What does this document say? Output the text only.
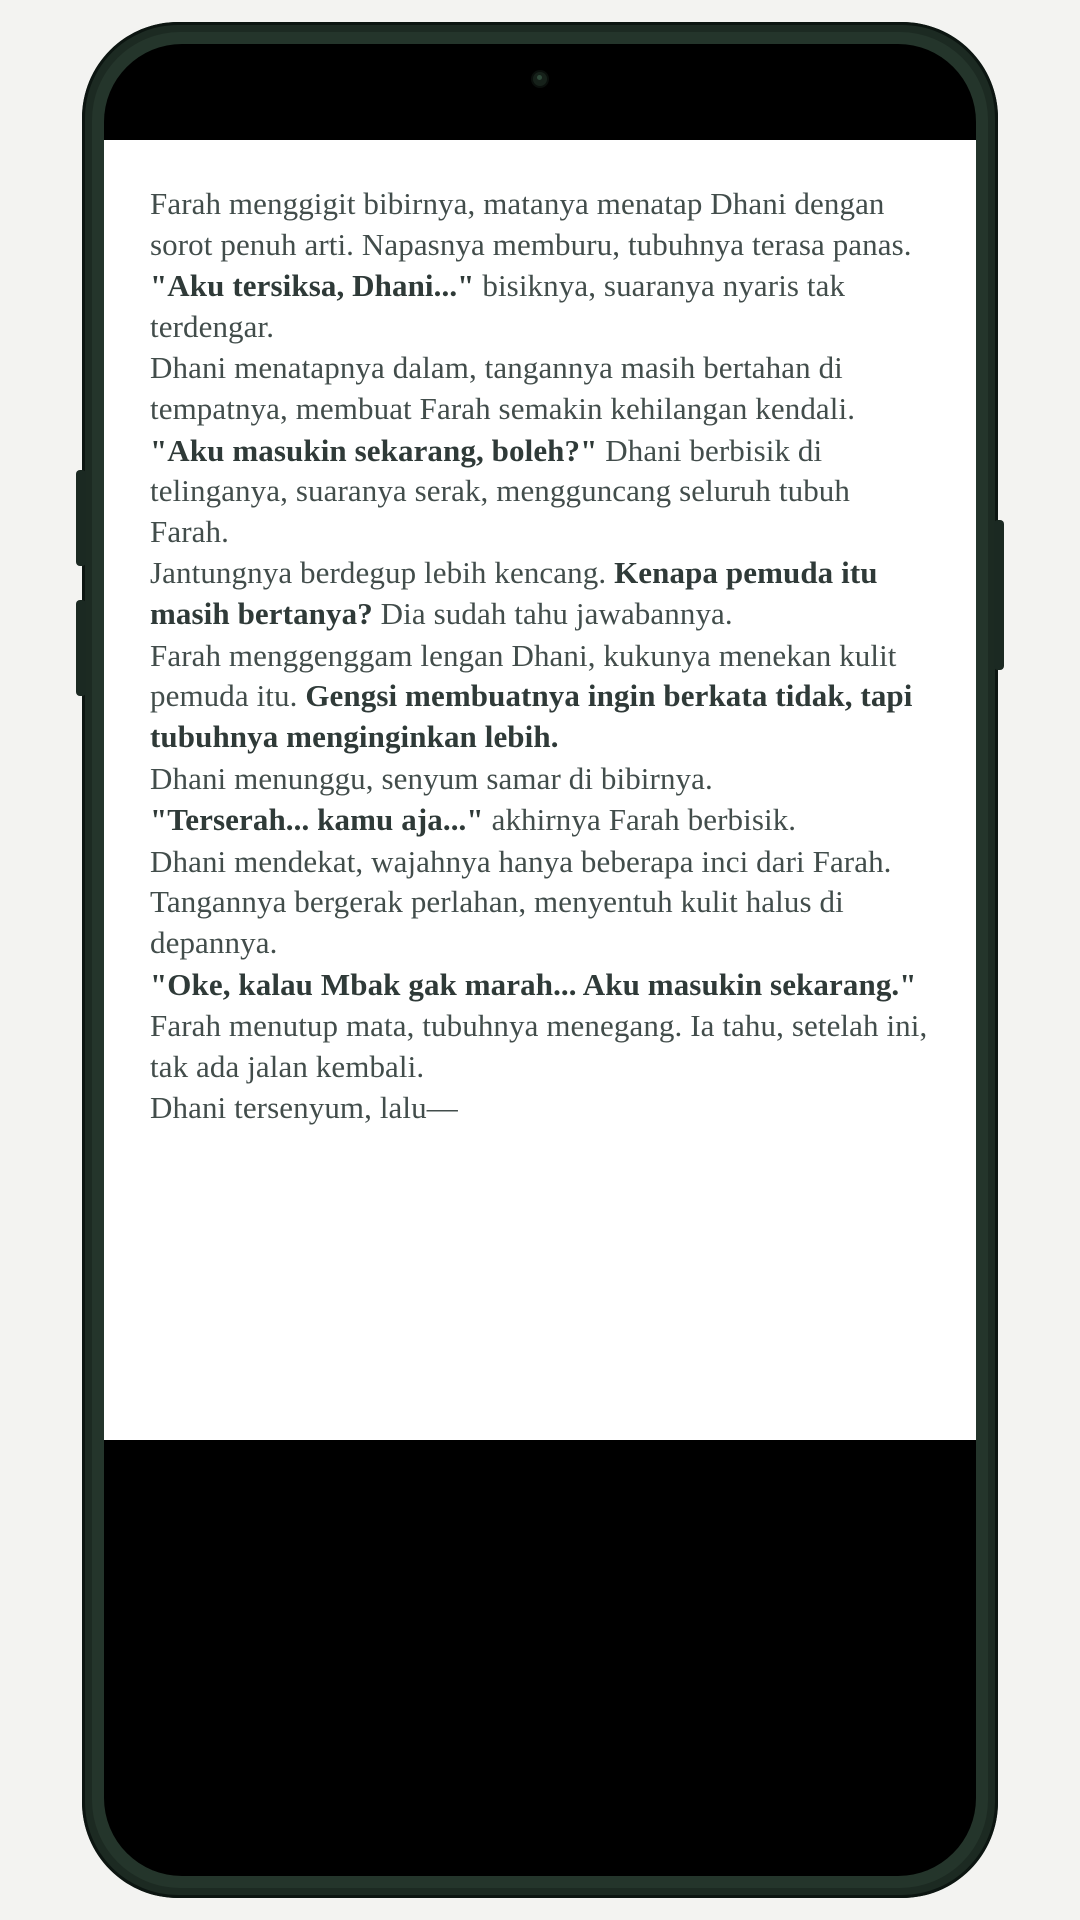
Farah menggigit bibirnya, matanya menatap Dhani dengan sorot penuh arti. Napasnya memburu, tubuhnya terasa panas.

"Aku tersiksa, Dhani..." bisiknya, suaranya nyaris tak terdengar.

Dhani menatapnya dalam, tangannya masih bertahan di tempatnya, membuat Farah semakin kehilangan kendali.

"Aku masukin sekarang, boleh?" Dhani berbisik di telinganya, suaranya serak, mengguncang seluruh tubuh Farah.

Jantungnya berdegup lebih kencang. Kenapa pemuda itu masih bertanya? Dia sudah tahu jawabannya.

Farah menggenggam lengan Dhani, kukunya menekan kulit pemuda itu. Gengsi membuatnya ingin berkata tidak, tapi tubuhnya menginginkan lebih.

Dhani menunggu, senyum samar di bibirnya.

"Terserah... kamu aja..." akhirnya Farah berbisik.

Dhani mendekat, wajahnya hanya beberapa inci dari Farah. Tangannya bergerak perlahan, menyentuh kulit halus di depannya.

"Oke, kalau Mbak gak marah... Aku masukin sekarang."

Farah menutup mata, tubuhnya menegang. Ia tahu, setelah ini, tak ada jalan kembali.

Dhani tersenyum, lalu—
